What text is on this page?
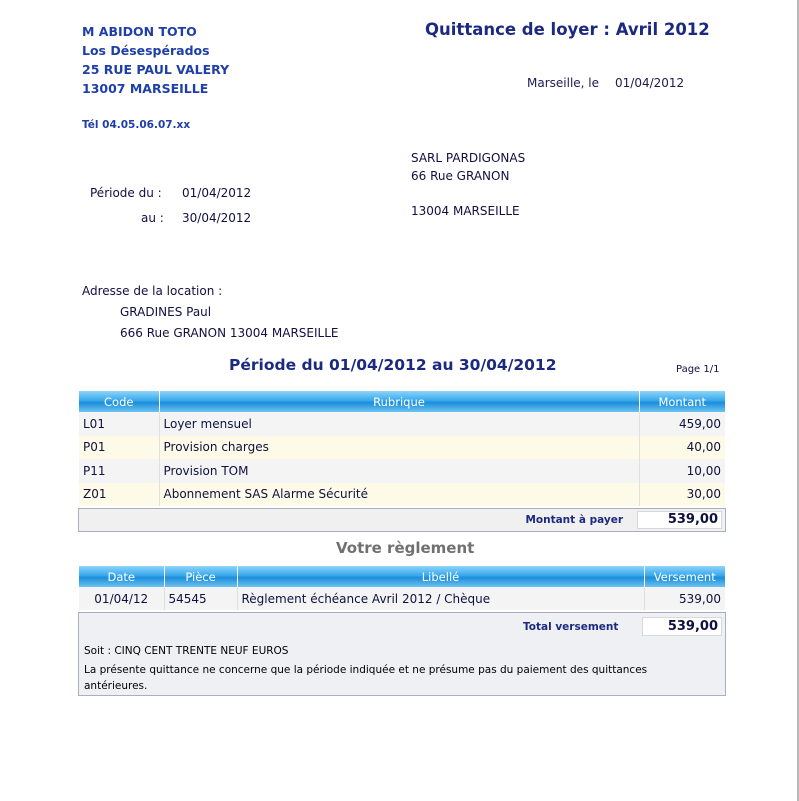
M ABIDON TOTO
Los Désespérados
25 RUE PAUL VALERY
13007 MARSEILLE
Tél 04.05.06.07.xx
Quittance de loyer : Avril 2012
Marseille, le 01/04/2012
SARL PARDIGONAS
66 Rue GRANON
13004 MARSEILLE
Période du : 01/04/2012
au : 30/04/2012
Adresse de la location :
GRADINES Paul
666 Rue GRANON 13004 MARSEILLE
Période du 01/04/2012 au 30/04/2012	Page 1/1
Code	Rubrique	Montant
L01	Loyer mensuel	459,00
P01	Provision charges	40,00
P11	Provision TOM	10,00
Z01	Abonnement SAS Alarme Sécurité	30,00
Montant à payer	539,00
Votre règlement
Date	Pièce	Libellé	Versement
01/04/12	54545	Règlement échéance Avril 2012 / Chèque	539,00
Total versement	539,00
Soit : CINQ CENT TRENTE NEUF EUROS
La présente quittance ne concerne que la période indiquée et ne présume pas du paiement des quittances antérieures.
